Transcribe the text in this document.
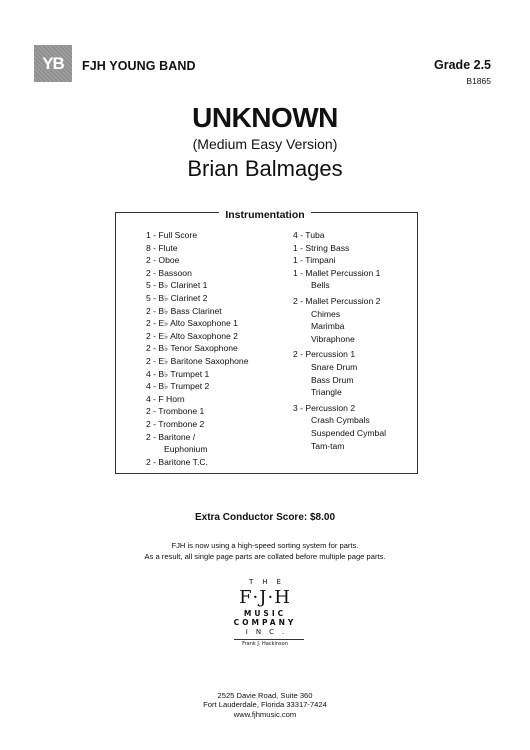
YB FJH YOUNG BAND	Grade 2.5
B1865
UNKNOWN
(Medium Easy Version)
Brian Balmages
Instrumentation
1 - Full Score
8 - Flute
2 - Oboe
2 - Bassoon
5 - B♭ Clarinet 1
5 - B♭ Clarinet 2
2 - B♭ Bass Clarinet
2 - E♭ Alto Saxophone 1
2 - E♭ Alto Saxophone 2
2 - B♭ Tenor Saxophone
2 - E♭ Baritone Saxophone
4 - B♭ Trumpet 1
4 - B♭ Trumpet 2
4 - F Horn
2 - Trombone 1
2 - Trombone 2
2 - Baritone /
Euphonium
2 - Baritone T.C.
4 - Tuba
1 - String Bass
1 - Timpani
1 - Mallet Percussion 1
Bells
2 - Mallet Percussion 2
Chimes
Marimba
Vibraphone
2 - Percussion 1
Snare Drum
Bass Drum
Triangle
3 - Percussion 2
Crash Cymbals
Suspended Cymbal
Tam-tam
Extra Conductor Score: $8.00
FJH is now using a high-speed sorting system for parts.
As a result, all single page parts are collated before multiple page parts.
THE
F·J·H
MUSIC
COMPANY
INC.
Frank J. Hackinson
2525 Davie Road, Suite 360
Fort Lauderdale, Florida 33317-7424
www.fjhmusic.com
